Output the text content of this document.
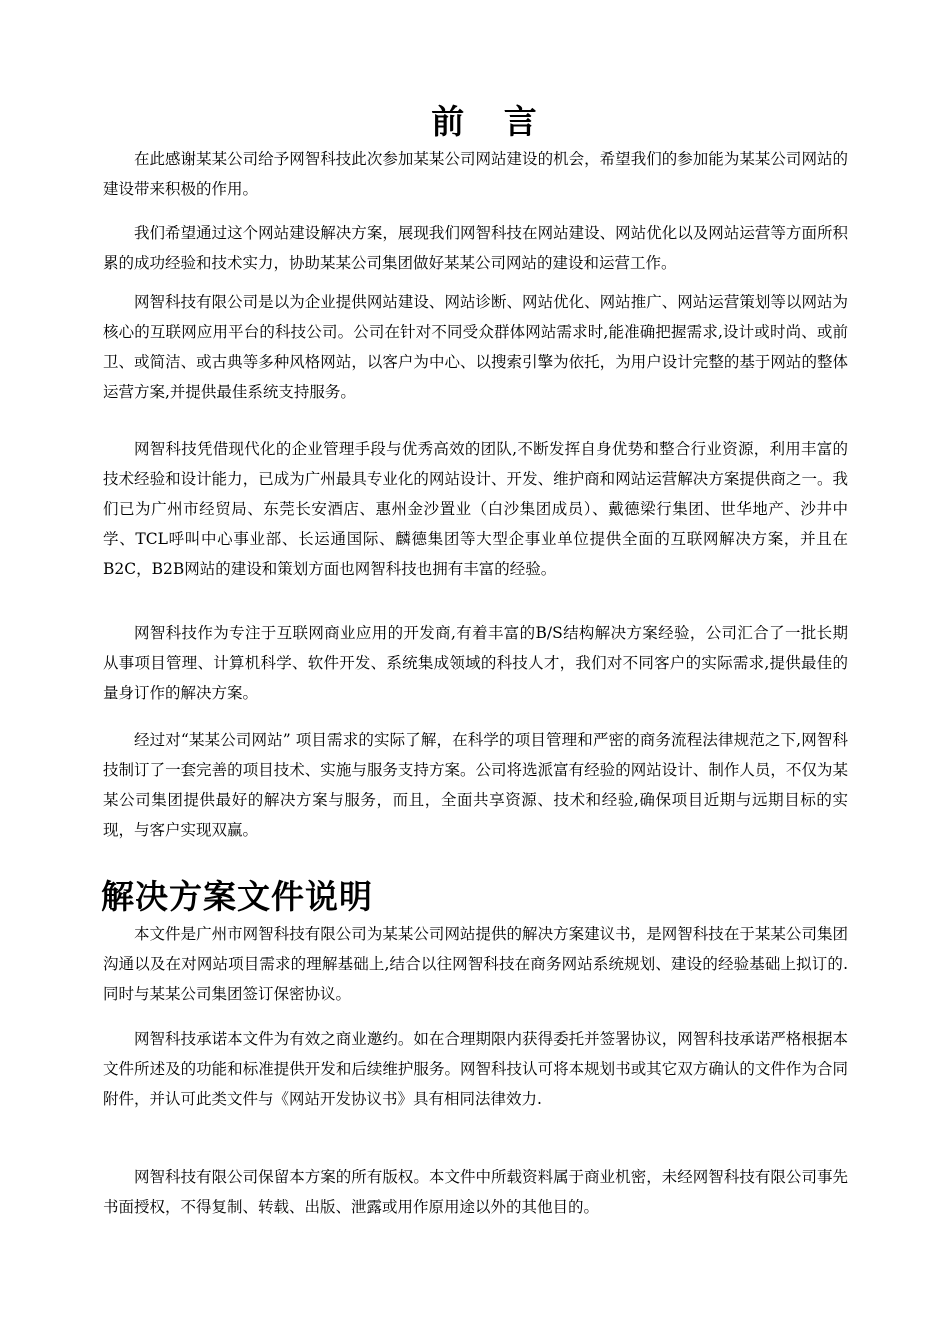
前 言

在此感谢某某公司给予网智科技此次参加某某公司网站建设的机会，希望我们的参加能为某某公司网站的建设带来积极的作用。

我们希望通过这个网站建设解决方案，展现我们网智科技在网站建设、网站优化以及网站运营等方面所积累的成功经验和技术实力，协助某某公司集团做好某某公司网站的建设和运营工作。

网智科技有限公司是以为企业提供网站建设、网站诊断、网站优化、网站推广、网站运营策划等以网站为核心的互联网应用平台的科技公司。公司在针对不同受众群体网站需求时,能准确把握需求,设计或时尚、或前卫、或简洁、或古典等多种风格网站，以客户为中心、以搜索引擎为依托，为用户设计完整的基于网站的整体运营方案,并提供最佳系统支持服务。

网智科技凭借现代化的企业管理手段与优秀高效的团队,不断发挥自身优势和整合行业资源，利用丰富的技术经验和设计能力，已成为广州最具专业化的网站设计、开发、维护商和网站运营解决方案提供商之一。我们已为广州市经贸局、东莞长安酒店、惠州金沙置业（白沙集团成员）、戴德梁行集团、世华地产、沙井中学、TCL呼叫中心事业部、长运通国际、麟德集团等大型企事业单位提供全面的互联网解决方案，并且在B2C，B2B网站的建设和策划方面也网智科技也拥有丰富的经验。

网智科技作为专注于互联网商业应用的开发商,有着丰富的B/S结构解决方案经验，公司汇合了一批长期从事项目管理、计算机科学、软件开发、系统集成领域的科技人才，我们对不同客户的实际需求,提供最佳的量身订作的解决方案。

经过对“某某公司网站” 项目需求的实际了解，在科学的项目管理和严密的商务流程法律规范之下,网智科技制订了一套完善的项目技术、实施与服务支持方案。公司将选派富有经验的网站设计、制作人员，不仅为某某公司集团提供最好的解决方案与服务，而且，全面共享资源、技术和经验,确保项目近期与远期目标的实现，与客户实现双赢。

解决方案文件说明

本文件是广州市网智科技有限公司为某某公司网站提供的解决方案建议书，是网智科技在于某某公司集团沟通以及在对网站项目需求的理解基础上,结合以往网智科技在商务网站系统规划、建设的经验基础上拟订的.同时与某某公司集团签订保密协议。

网智科技承诺本文件为有效之商业邀约。如在合理期限内获得委托并签署协议，网智科技承诺严格根据本文件所述及的功能和标准提供开发和后续维护服务。网智科技认可将本规划书或其它双方确认的文件作为合同附件，并认可此类文件与《网站开发协议书》具有相同法律效力.

网智科技有限公司保留本方案的所有版权。本文件中所载资料属于商业机密，未经网智科技有限公司事先书面授权，不得复制、转载、出版、泄露或用作原用途以外的其他目的。
